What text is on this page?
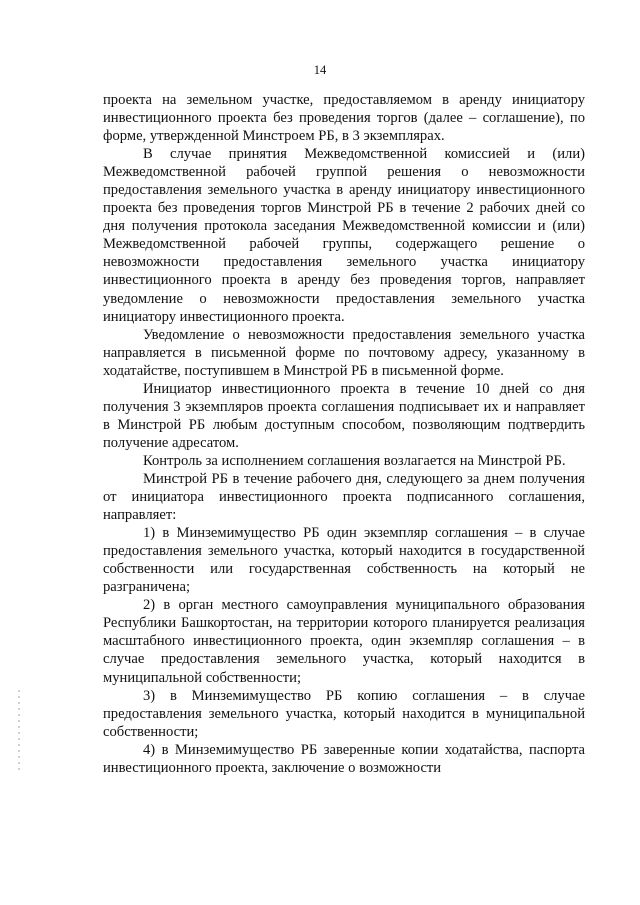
14

проекта на земельном участке, предоставляемом в аренду инициатору инвестиционного проекта без проведения торгов (далее – соглашение), по форме, утвержденной Минстроем РБ, в 3 экземплярах.

В случае принятия Межведомственной комиссией и (или) Межведомственной рабочей группой решения о невозможности предоставления земельного участка в аренду инициатору инвестиционного проекта без проведения торгов Минстрой РБ в течение 2 рабочих дней со дня получения протокола заседания Межведомственной комиссии и (или) Межведомственной рабочей группы, содержащего решение о невозможности предоставления земельного участка инициатору инвестиционного проекта в аренду без проведения торгов, направляет уведомление о невозможности предоставления земельного участка инициатору инвестиционного проекта.

Уведомление о невозможности предоставления земельного участка направляется в письменной форме по почтовому адресу, указанному в ходатайстве, поступившем в Минстрой РБ в письменной форме.

Инициатор инвестиционного проекта в течение 10 дней со дня получения 3 экземпляров проекта соглашения подписывает их и направляет в Минстрой РБ любым доступным способом, позволяющим подтвердить получение адресатом.

Контроль за исполнением соглашения возлагается на Минстрой РБ.

Минстрой РБ в течение рабочего дня, следующего за днем получения от инициатора инвестиционного проекта подписанного соглашения, направляет:

1) в Минземимущество РБ один экземпляр соглашения – в случае предоставления земельного участка, который находится в государственной собственности или государственная собственность на который не разграничена;

2) в орган местного самоуправления муниципального образования Республики Башкортостан, на территории которого планируется реализация масштабного инвестиционного проекта, один экземпляр соглашения – в случае предоставления земельного участка, который находится в муниципальной собственности;

3) в Минземимущество РБ копию соглашения – в случае предоставления земельного участка, который находится в муниципальной собственности;

4) в Минземимущество РБ заверенные копии ходатайства, паспорта инвестиционного проекта, заключение о возможности
